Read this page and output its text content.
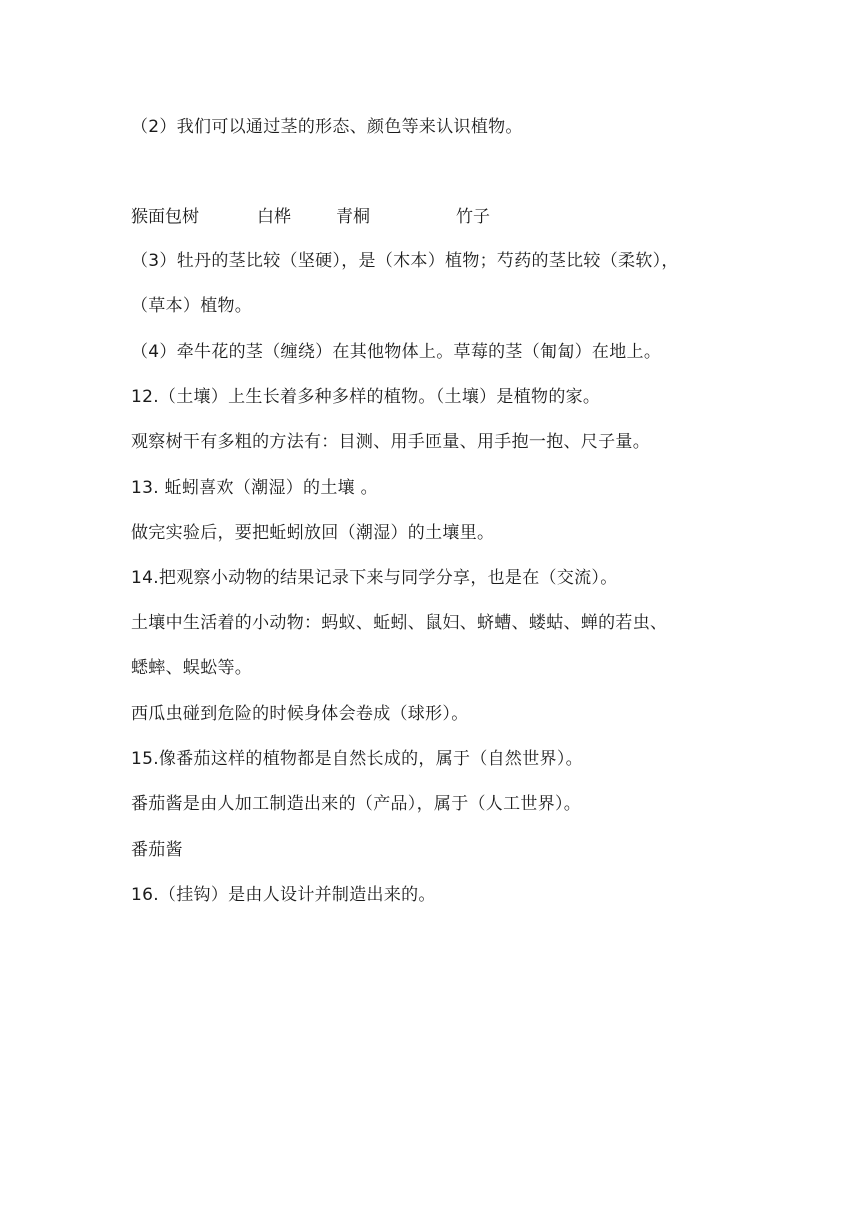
（2）我们可以通过茎的形态、颜色等来认识植物。
猴面包树	白桦	青桐	竹子
（3）牡丹的茎比较（坚硬），是（木本）植物；芍药的茎比较（柔软），
（草本）植物。
（4）牵牛花的茎（缠绕）在其他物体上。草莓的茎（匍匐）在地上。
12.（土壤）上生长着多种多样的植物。（土壤）是植物的家。
观察树干有多粗的方法有：目测、用手匝量、用手抱一抱、尺子量。
13. 蚯蚓喜欢（潮湿）的土壤 。
做完实验后，要把蚯蚓放回（潮湿）的土壤里。
14.把观察小动物的结果记录下来与同学分享，也是在（交流）。
土壤中生活着的小动物：蚂蚁、蚯蚓、鼠妇、蛴螬、蝼蛄、蝉的若虫、
蟋蟀、蜈蚣等。
西瓜虫碰到危险的时候身体会卷成（球形）。
15.像番茄这样的植物都是自然长成的，属于（自然世界）。
番茄酱是由人加工制造出来的（产品），属于（人工世界）。
番茄酱
16.（挂钩）是由人设计并制造出来的。
